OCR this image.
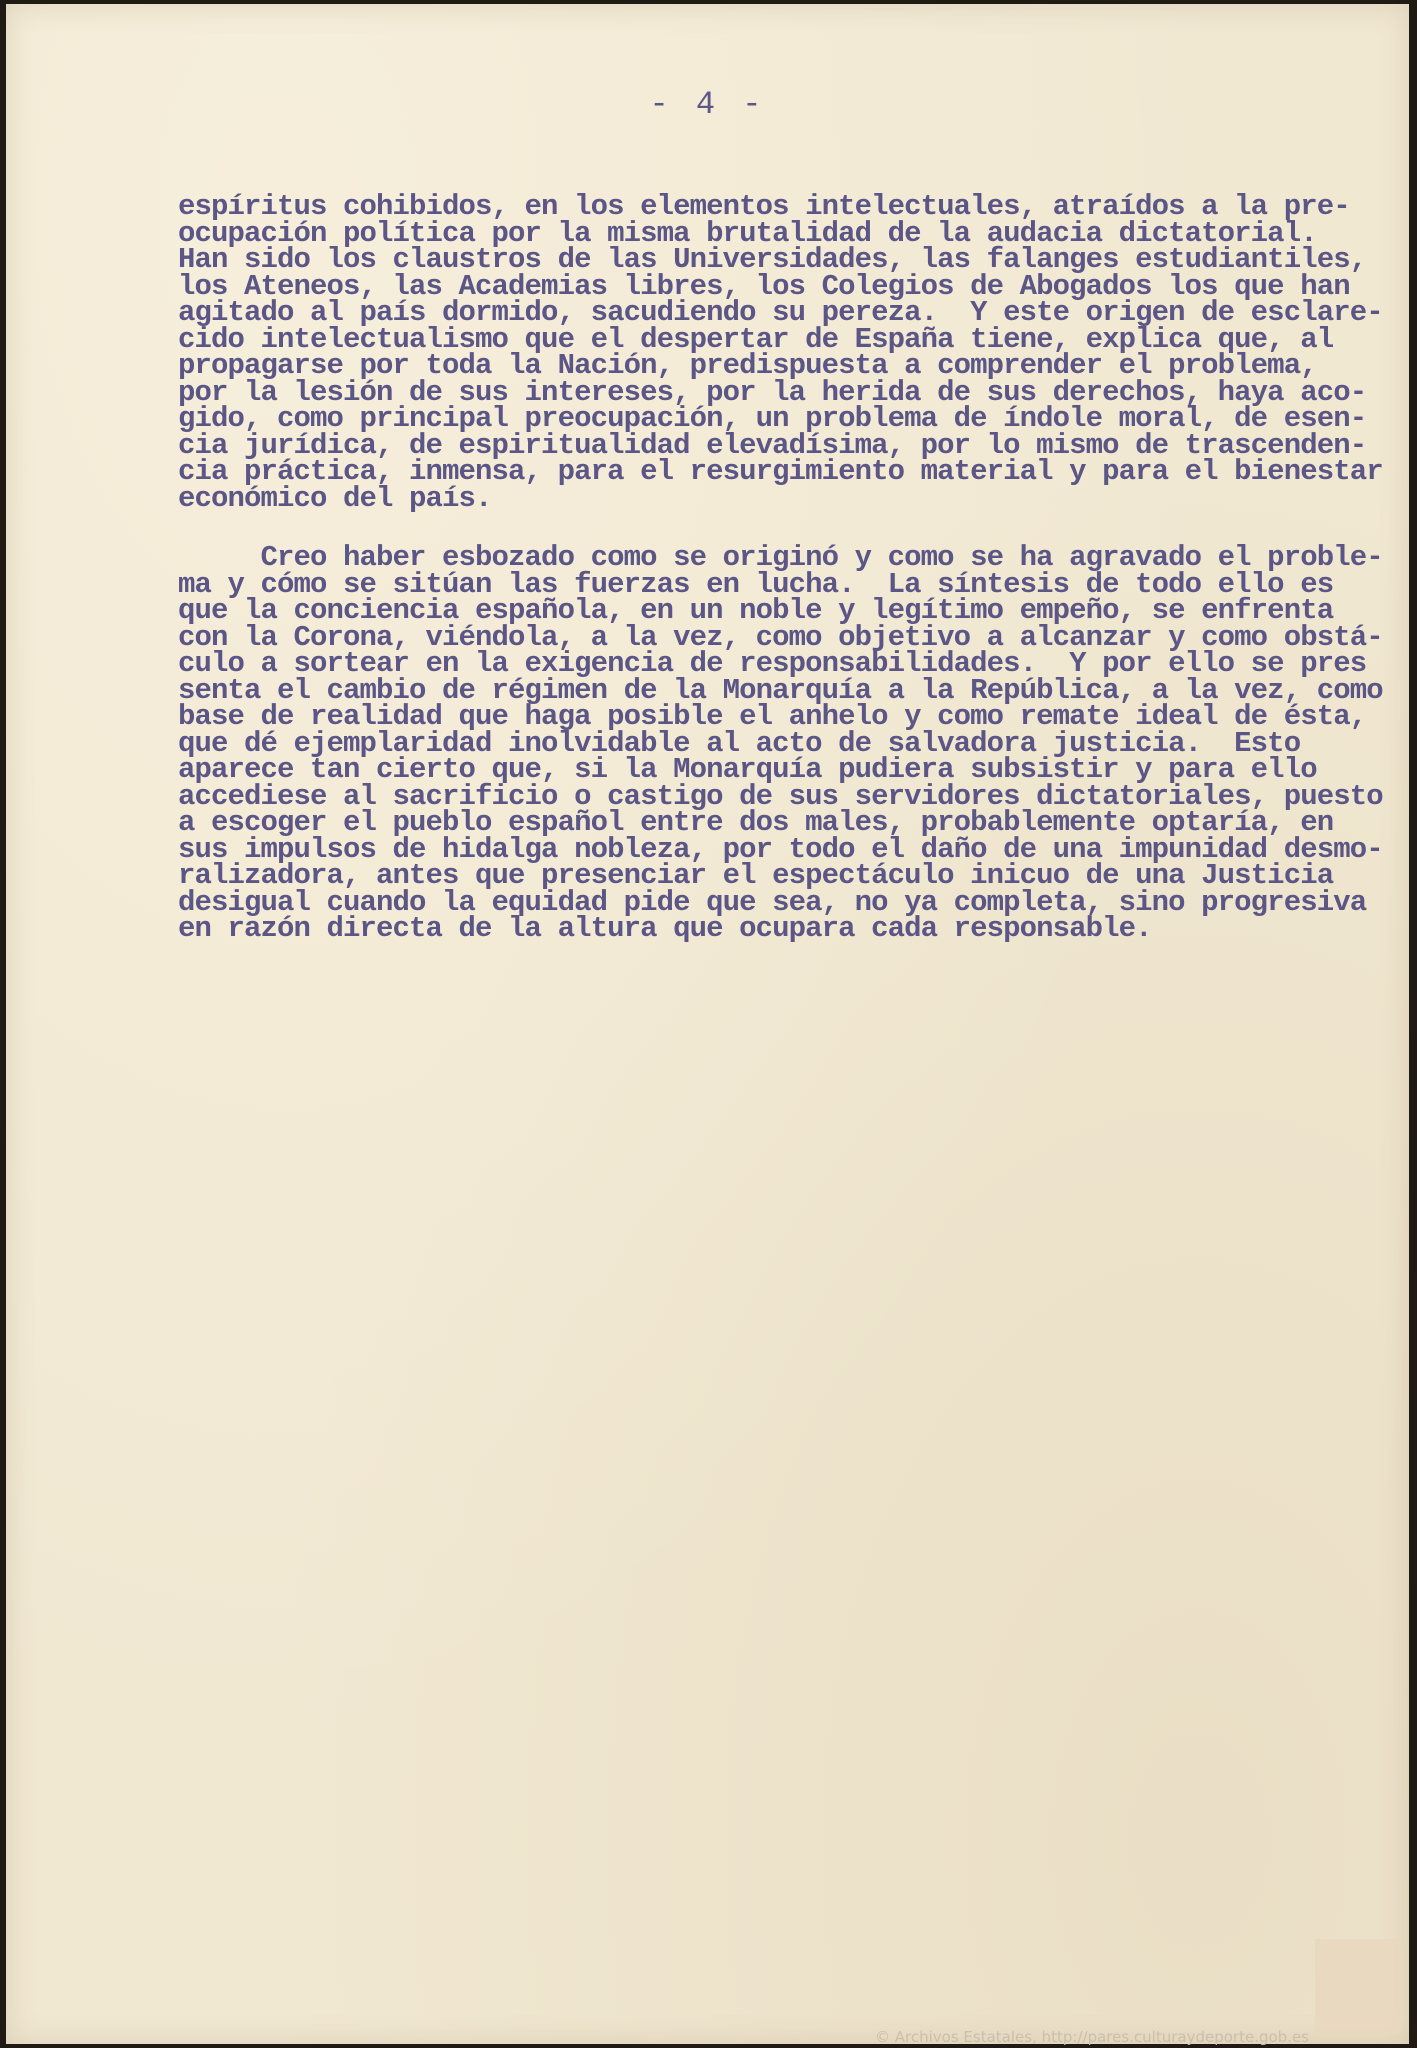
- 4 -

espíritus cohibidos, en los elementos intelectuales, atraídos a la pre-
ocupación política por la misma brutalidad de la audacia dictatorial.
Han sido los claustros de las Universidades, las falanges estudiantiles,
los Ateneos, las Academias libres, los Colegios de Abogados los que han
agitado al país dormido, sacudiendo su pereza.  Y este origen de esclare-
cido intelectualismo que el despertar de España tiene, explica que, al
propagarse por toda la Nación, predispuesta a comprender el problema,
por la lesión de sus intereses, por la herida de sus derechos, haya aco-
gido, como principal preocupación, un problema de índole moral, de esen-
cia jurídica, de espiritualidad elevadísima, por lo mismo de trascenden-
cia práctica, inmensa, para el resurgimiento material y para el bienestar
económico del país.

Creo haber esbozado como se originó y como se ha agravado el proble-
ma y cómo se sitúan las fuerzas en lucha.  La síntesis de todo ello es
que la conciencia española, en un noble y legítimo empeño, se enfrenta
con la Corona, viéndola, a la vez, como objetivo a alcanzar y como obstá-
culo a sortear en la exigencia de responsabilidades.  Y por ello se pres
senta el cambio de régimen de la Monarquía a la República, a la vez, como
base de realidad que haga posible el anhelo y como remate ideal de ésta,
que dé ejemplaridad inolvidable al acto de salvadora justicia.  Esto
aparece tan cierto que, si la Monarquía pudiera subsistir y para ello
accediese al sacrificio o castigo de sus servidores dictatoriales, puesto
a escoger el pueblo español entre dos males, probablemente optaría, en
sus impulsos de hidalga nobleza, por todo el daño de una impunidad desmo-
ralizadora, antes que presenciar el espectáculo inicuo de una Justicia
desigual cuando la equidad pide que sea, no ya completa, sino progresiva
en razón directa de la altura que ocupara cada responsable.

© Archivos Estatales, http://pares.culturaydeporte.gob.es
